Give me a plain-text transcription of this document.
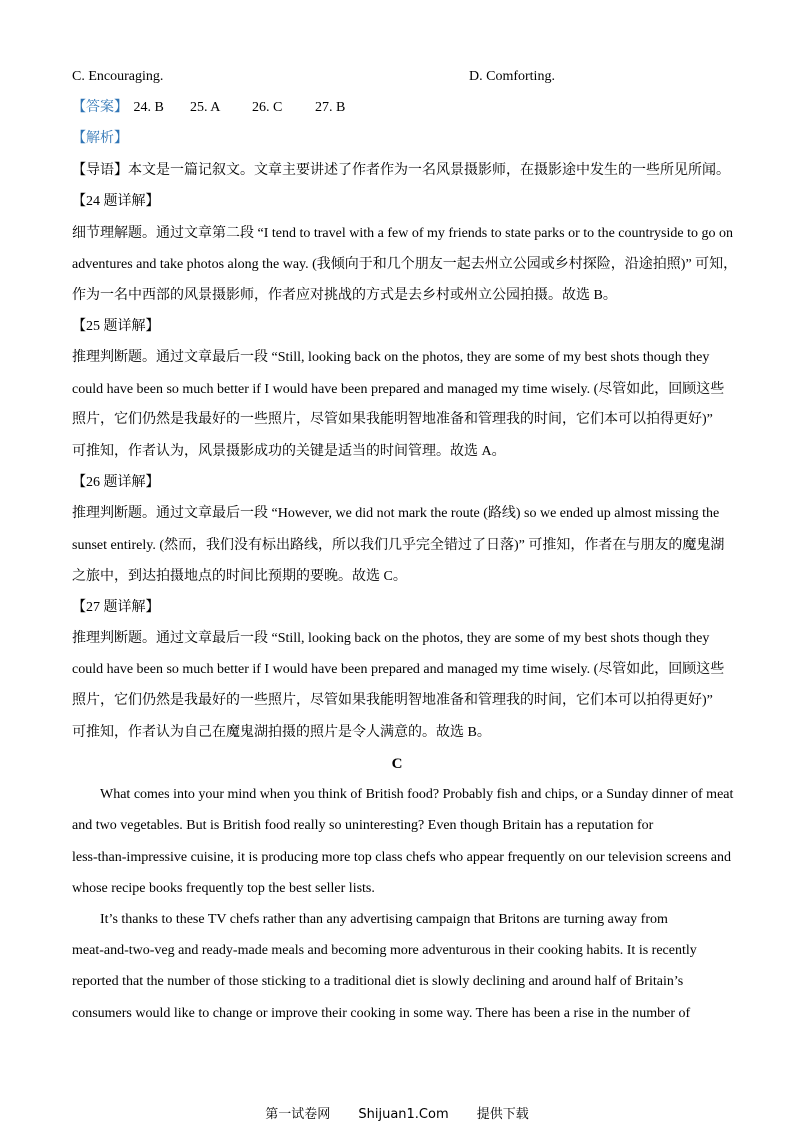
C. Encouraging.	D. Comforting.
【答案】 24. B 25. A 26. C 27. B
【解析】
【导语】本文是一篇记叙文。文章主要讲述了作者作为一名风景摄影师，在摄影途中发生的一些所见所闻。
【24 题详解】
细节理解题。通过文章第二段 “I tend to travel with a few of my friends to state parks or to the countryside to go on
adventures and take photos along the way. (我倾向于和几个朋友一起去州立公园或乡村探险，沿途拍照)” 可知，
作为一名中西部的风景摄影师，作者应对挑战的方式是去乡村或州立公园拍摄。故选 B。
【25 题详解】
推理判断题。通过文章最后一段 “Still, looking back on the photos, they are some of my best shots though they
could have been so much better if I would have been prepared and managed my time wisely. (尽管如此，回顾这些
照片，它们仍然是我最好的一些照片，尽管如果我能明智地准备和管理我的时间，它们本可以拍得更好)”
可推知，作者认为，风景摄影成功的关键是适当的时间管理。故选 A。
【26 题详解】
推理判断题。通过文章最后一段 “However, we did not mark the route (路线) so we ended up almost missing the
sunset entirely. (然而，我们没有标出路线，所以我们几乎完全错过了日落)” 可推知，作者在与朋友的魔鬼湖
之旅中，到达拍摄地点的时间比预期的要晚。故选 C。
【27 题详解】
推理判断题。通过文章最后一段 “Still, looking back on the photos, they are some of my best shots though they
could have been so much better if I would have been prepared and managed my time wisely. (尽管如此，回顾这些
照片，它们仍然是我最好的一些照片，尽管如果我能明智地准备和管理我的时间，它们本可以拍得更好)”
可推知，作者认为自己在魔鬼湖拍摄的照片是令人满意的。故选 B。
C
What comes into your mind when you think of British food? Probably fish and chips, or a Sunday dinner of meat
and two vegetables. But is British food really so uninteresting? Even though Britain has a reputation for
less-than-impressive cuisine, it is producing more top class chefs who appear frequently on our television screens and
whose recipe books frequently top the best seller lists.
It’s thanks to these TV chefs rather than any advertising campaign that Britons are turning away from
meat-and-two-veg and ready-made meals and becoming more adventurous in their cooking habits. It is recently
reported that the number of those sticking to a traditional diet is slowly declining and around half of Britain’s
consumers would like to change or improve their cooking in some way. There has been a rise in the number of
第一试卷网 Shijuan1.Com 提供下载
